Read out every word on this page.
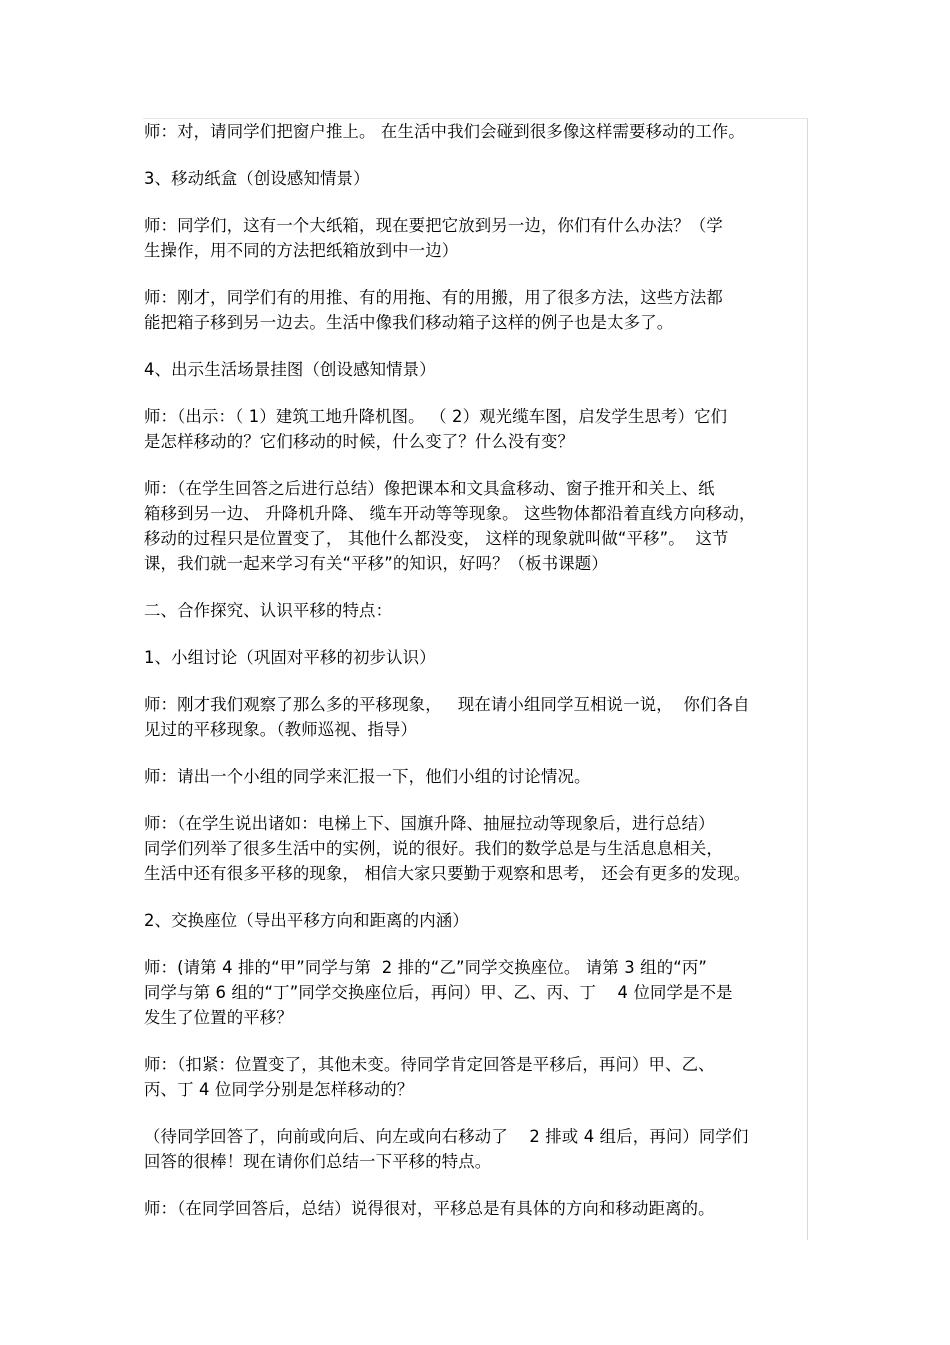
师：对，请同学们把窗户推上。 在生活中我们会碰到很多像这样需要移动的工作。

3、移动纸盒（创设感知情景）

师：同学们，这有一个大纸箱，现在要把它放到另一边，你们有什么办法？（学
生操作，用不同的方法把纸箱放到中一边）

师：刚才，同学们有的用推、有的用拖、有的用搬，用了很多方法，这些方法都
能把箱子移到另一边去。生活中像我们移动箱子这样的例子也是太多了。

4、出示生活场景挂图（创设感知情景）

师：（出示：（ 1）建筑工地升降机图。 （ 2）观光缆车图，启发学生思考）它们
是怎样移动的？它们移动的时候，什么变了？什么没有变？

师：（在学生回答之后进行总结）像把课本和文具盒移动、窗子推开和关上、纸
箱移到另一边、 升降机升降、 缆车开动等等现象。 这些物体都沿着直线方向移动，
移动的过程只是位置变了， 其他什么都没变， 这样的现象就叫做“平移”。  这节
课，我们就一起来学习有关“平移”的知识，好吗？（板书课题）

二、合作探究、认识平移的特点：

1、小组讨论（巩固对平移的初步认识）

师：刚才我们观察了那么多的平移现象，   现在请小组同学互相说一说，  你们各自
见过的平移现象。（教师巡视、指导）

师：请出一个小组的同学来汇报一下，他们小组的讨论情况。

师：（在学生说出诸如：电梯上下、国旗升降、抽屉拉动等现象后，进行总结）
同学们列举了很多生活中的实例，说的很好。我们的数学总是与生活息息相关，
生活中还有很多平移的现象， 相信大家只要勤于观察和思考， 还会有更多的发现。

2、交换座位（导出平移方向和距离的内涵）

师：(请第 4 排的“甲”同学与第  2 排的“乙”同学交换座位。 请第 3 组的“丙”
同学与第 6 组的“丁”同学交换座位后，再问）甲、乙、丙、丁    4 位同学是不是
发生了位置的平移？

师：（扣紧：位置变了，其他未变。待同学肯定回答是平移后，再问）甲、乙、
丙、丁 4 位同学分别是怎样移动的？

（待同学回答了，向前或向后、向左或向右移动了    2 排或 4 组后，再问）同学们
回答的很棒！现在请你们总结一下平移的特点。

师：（在同学回答后，总结）说得很对，平移总是有具体的方向和移动距离的。
